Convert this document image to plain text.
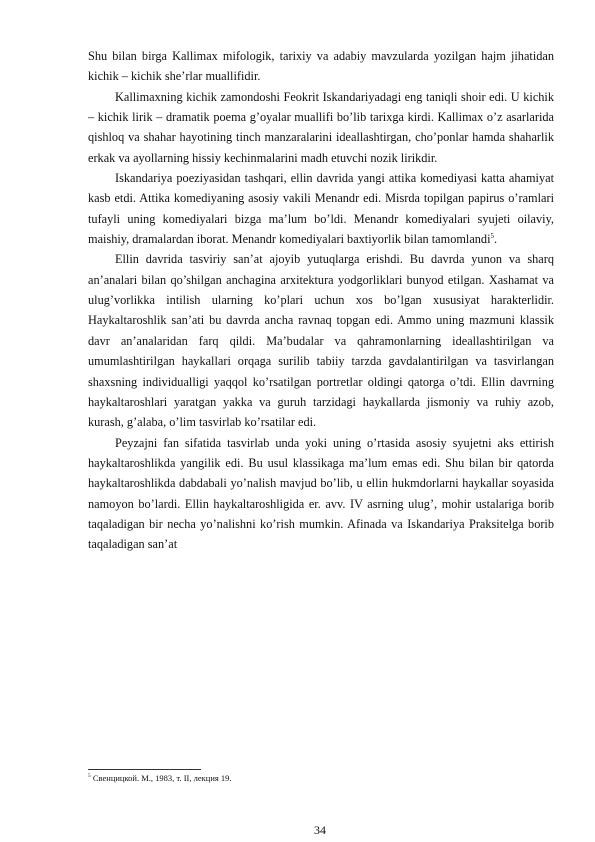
Shu bilan birga Kallimax mifologik, tarixiy va adabiy mavzularda yozilgan hajm jihatidan kichik – kichik she’rlar muallifidir.

Kallimaxning kichik zamondoshi Feokrit Iskandariyadagi eng taniqli shoir edi. U kichik – kichik lirik – dramatik poema g’oyalar muallifi bo’lib tarixga kirdi. Kallimax o’z asarlarida qishloq va shahar hayotining tinch manzaralarini ideallashtirgan, cho’ponlar hamda shaharlik erkak va ayollarning hissiy kechinmalarini madh etuvchi nozik lirikdir.

Iskandariya poeziyasidan tashqari, ellin davrida yangi attika komediyasi katta ahamiyat kasb etdi. Attika komediyaning asosiy vakili Menandr edi. Misrda topilgan papirus o’ramlari tufayli uning komediyalari bizga ma’lum bo’ldi. Menandr komediyalari syujeti oilaviy, maishiy, dramalardan iborat. Menandr komediyalari baxtiyorlik bilan tamomlandi$^5$.

Ellin davrida tasviriy san’at ajoyib yutuqlarga erishdi. Bu davrda yunon va sharq an’analari bilan qo’shilgan anchagina arxitektura yodgorliklari bunyod etilgan. Xashamat va ulug’vorlikka intilish ularning ko’plari uchun xos bo’lgan xususiyat harakterlidir. Haykaltaroshlik san’ati bu davrda ancha ravnaq topgan edi. Ammo uning mazmuni klassik davr an’analaridan farq qildi. Ma’budalar va qahramonlarning ideallashtirilgan va umumlashtirilgan haykallari orqaga surilib tabiiy tarzda gavdalantirilgan va tasvirlangan shaxsning individualligi yaqqol ko’rsatilgan portretlar oldingi qatorga o’tdi. Ellin davrning haykaltaroshlari yaratgan yakka va guruh tarzidagi haykallarda jismoniy va ruhiy azob, kurash, g’alaba, o’lim tasvirlab ko’rsatilar edi.

Peyzajni fan sifatida tasvirlab unda yoki uning o’rtasida asosiy syujetni aks ettirish haykaltaroshlikda yangilik edi. Bu usul klassikaga ma’lum emas edi. Shu bilan bir qatorda haykaltaroshlikda dabdabali yo’nalish mavjud bo’lib, u ellin hukmdorlarni haykallar soyasida namoyon bo’lardi. Ellin haykaltaroshligida er. avv. IV asrning ulug’, mohir ustalariga borib taqaladigan bir necha yo’nalishni ko’rish mumkin. Afinada va Iskandariya Praksitelga borib taqaladigan san’at

$^5$ Свенцицкой. М., 1983, т. II, лекция 19.
34
